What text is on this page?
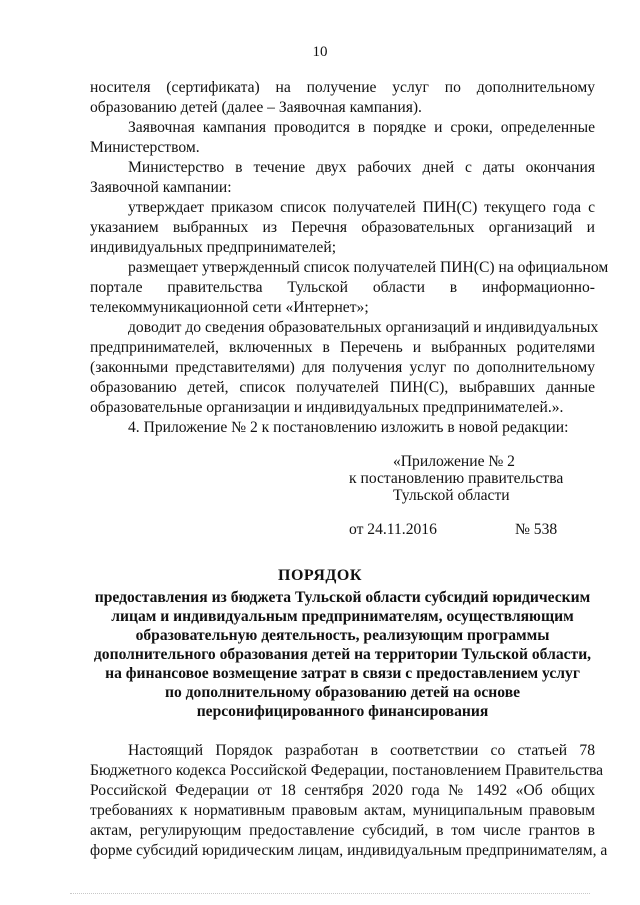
10
носителя (сертификата) на получение услуг по дополнительному
образованию детей (далее – Заявочная кампания).
Заявочная кампания проводится в порядке и сроки, определенные
Министерством.
Министерство в течение двух рабочих дней с даты окончания
Заявочной кампании:
утверждает приказом список получателей ПИН(С) текущего года с
указанием выбранных из Перечня образовательных организаций и
индивидуальных предпринимателей;
размещает утвержденный список получателей ПИН(С) на официальном
портале правительства Тульской области в информационно-
телекоммуникационной сети «Интернет»;
доводит до сведения образовательных организаций и индивидуальных
предпринимателей, включенных в Перечень и выбранных родителями
(законными представителями) для получения услуг по дополнительному
образованию детей, список получателей ПИН(С), выбравших данные
образовательные организации и индивидуальных предпринимателей.».
4. Приложение № 2 к постановлению изложить в новой редакции:
«Приложение № 2
к постановлению правительства
Тульской области
от 24.11.2016	№ 538
ПОРЯДОК
предоставления из бюджета Тульской области субсидий юридическим
лицам и индивидуальным предпринимателям, осуществляющим
образовательную деятельность, реализующим программы
дополнительного образования детей на территории Тульской области,
на финансовое возмещение затрат в связи с предоставлением услуг
по дополнительному образованию детей на основе
персонифицированного финансирования
Настоящий Порядок разработан в соответствии со статьей 78
Бюджетного кодекса Российской Федерации, постановлением Правительства
Российской Федерации от 18 сентября 2020 года № 1492 «Об общих
требованиях к нормативным правовым актам, муниципальным правовым
актам, регулирующим предоставление субсидий, в том числе грантов в
форме субсидий юридическим лицам, индивидуальным предпринимателям, а
